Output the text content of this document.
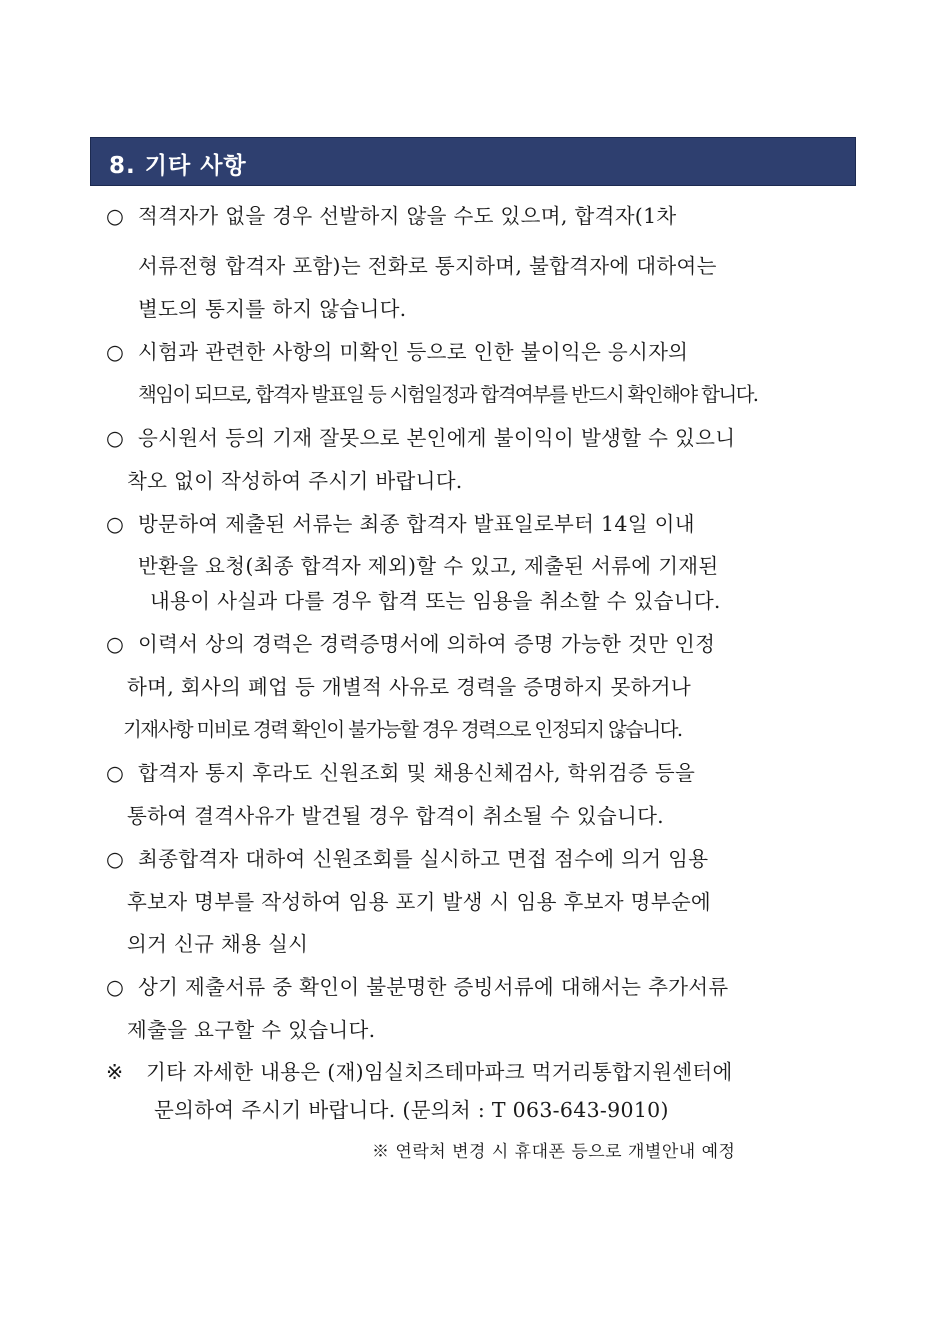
8. 기타 사항
○ 적격자가 없을 경우 선발하지 않을 수도 있으며, 합격자(1차
서류전형 합격자 포함)는 전화로 통지하며, 불합격자에 대하여는
별도의 통지를 하지 않습니다.
○ 시험과 관련한 사항의 미확인 등으로 인한 불이익은 응시자의
책임이 되므로, 합격자 발표일 등 시험일정과 합격여부를 반드시 확인해야 합니다.
○ 응시원서 등의 기재 잘못으로 본인에게 불이익이 발생할 수 있으니
착오 없이 작성하여 주시기 바랍니다.
○ 방문하여 제출된 서류는 최종 합격자 발표일로부터 14일 이내
반환을 요청(최종 합격자 제외)할 수 있고, 제출된 서류에 기재된
내용이 사실과 다를 경우 합격 또는 임용을 취소할 수 있습니다.
○ 이력서 상의 경력은 경력증명서에 의하여 증명 가능한 것만 인정
하며, 회사의 폐업 등 개별적 사유로 경력을 증명하지 못하거나
기재사항 미비로 경력 확인이 불가능할 경우 경력으로 인정되지 않습니다.
○ 합격자 통지 후라도 신원조회 및 채용신체검사, 학위검증 등을
통하여 결격사유가 발견될 경우 합격이 취소될 수 있습니다.
○ 최종합격자 대하여 신원조회를 실시하고 면접 점수에 의거 임용
후보자 명부를 작성하여 임용 포기 발생 시 임용 후보자 명부순에
의거 신규 채용 실시
○ 상기 제출서류 중 확인이 불분명한 증빙서류에 대해서는 추가서류
제출을 요구할 수 있습니다.
※ 기타 자세한 내용은 (재)임실치즈테마파크 먹거리통합지원센터에
문의하여 주시기 바랍니다. (문의처 : T 063-643-9010)
※ 연락처 변경 시 휴대폰 등으로 개별안내 예정
